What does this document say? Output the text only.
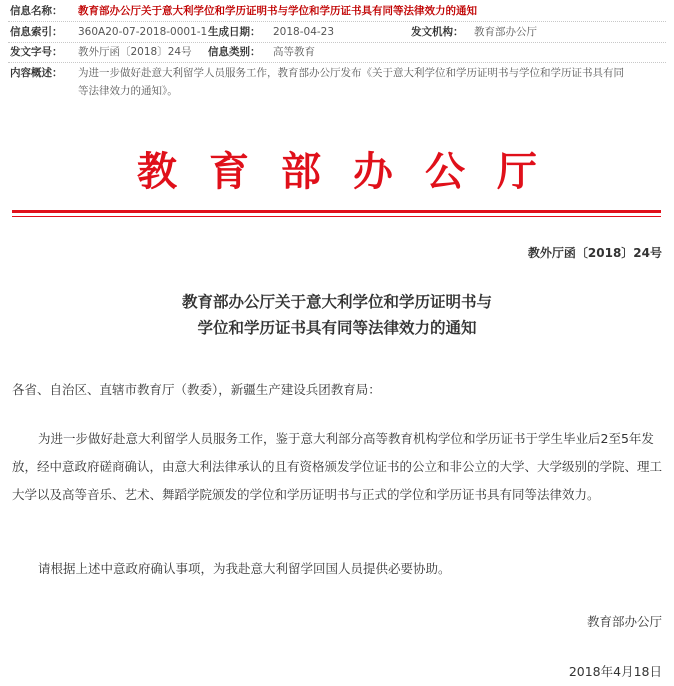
信息名称： 教育部办公厅关于意大利学位和学历证明书与学位和学历证书具有同等法律效力的通知
信息索引： 360A20-07-2018-0001-1 生成日期： 2018-04-23	发文机构： 教育部办公厅
发文字号： 教外厅函〔2018〕24号 信息类别： 高等教育
内容概述： 为进一步做好赴意大利留学人员服务工作，教育部办公厅发布《关于意大利学位和学历证明书与学位和学历证书具有同
等法律效力的通知》。
教育部办公厅
教外厅函〔2018〕24号
教育部办公厅关于意大利学位和学历证明书与
学位和学历证书具有同等法律效力的通知
各省、自治区、直辖市教育厅（教委），新疆生产建设兵团教育局：
为进一步做好赴意大利留学人员服务工作，鉴于意大利部分高等教育机构学位和学历证书于学生毕业后2至5年发放，经中意政府磋商确认，由意大利法律承认的且有资格颁发学位证书的公立和非公立的大学、大学级别的学院、理工大学以及高等音乐、艺术、舞蹈学院颁发的学位和学历证明书与正式的学位和学历证书具有同等法律效力。
请根据上述中意政府确认事项，为我赴意大利留学回国人员提供必要协助。
教育部办公厅
2018年4月18日
